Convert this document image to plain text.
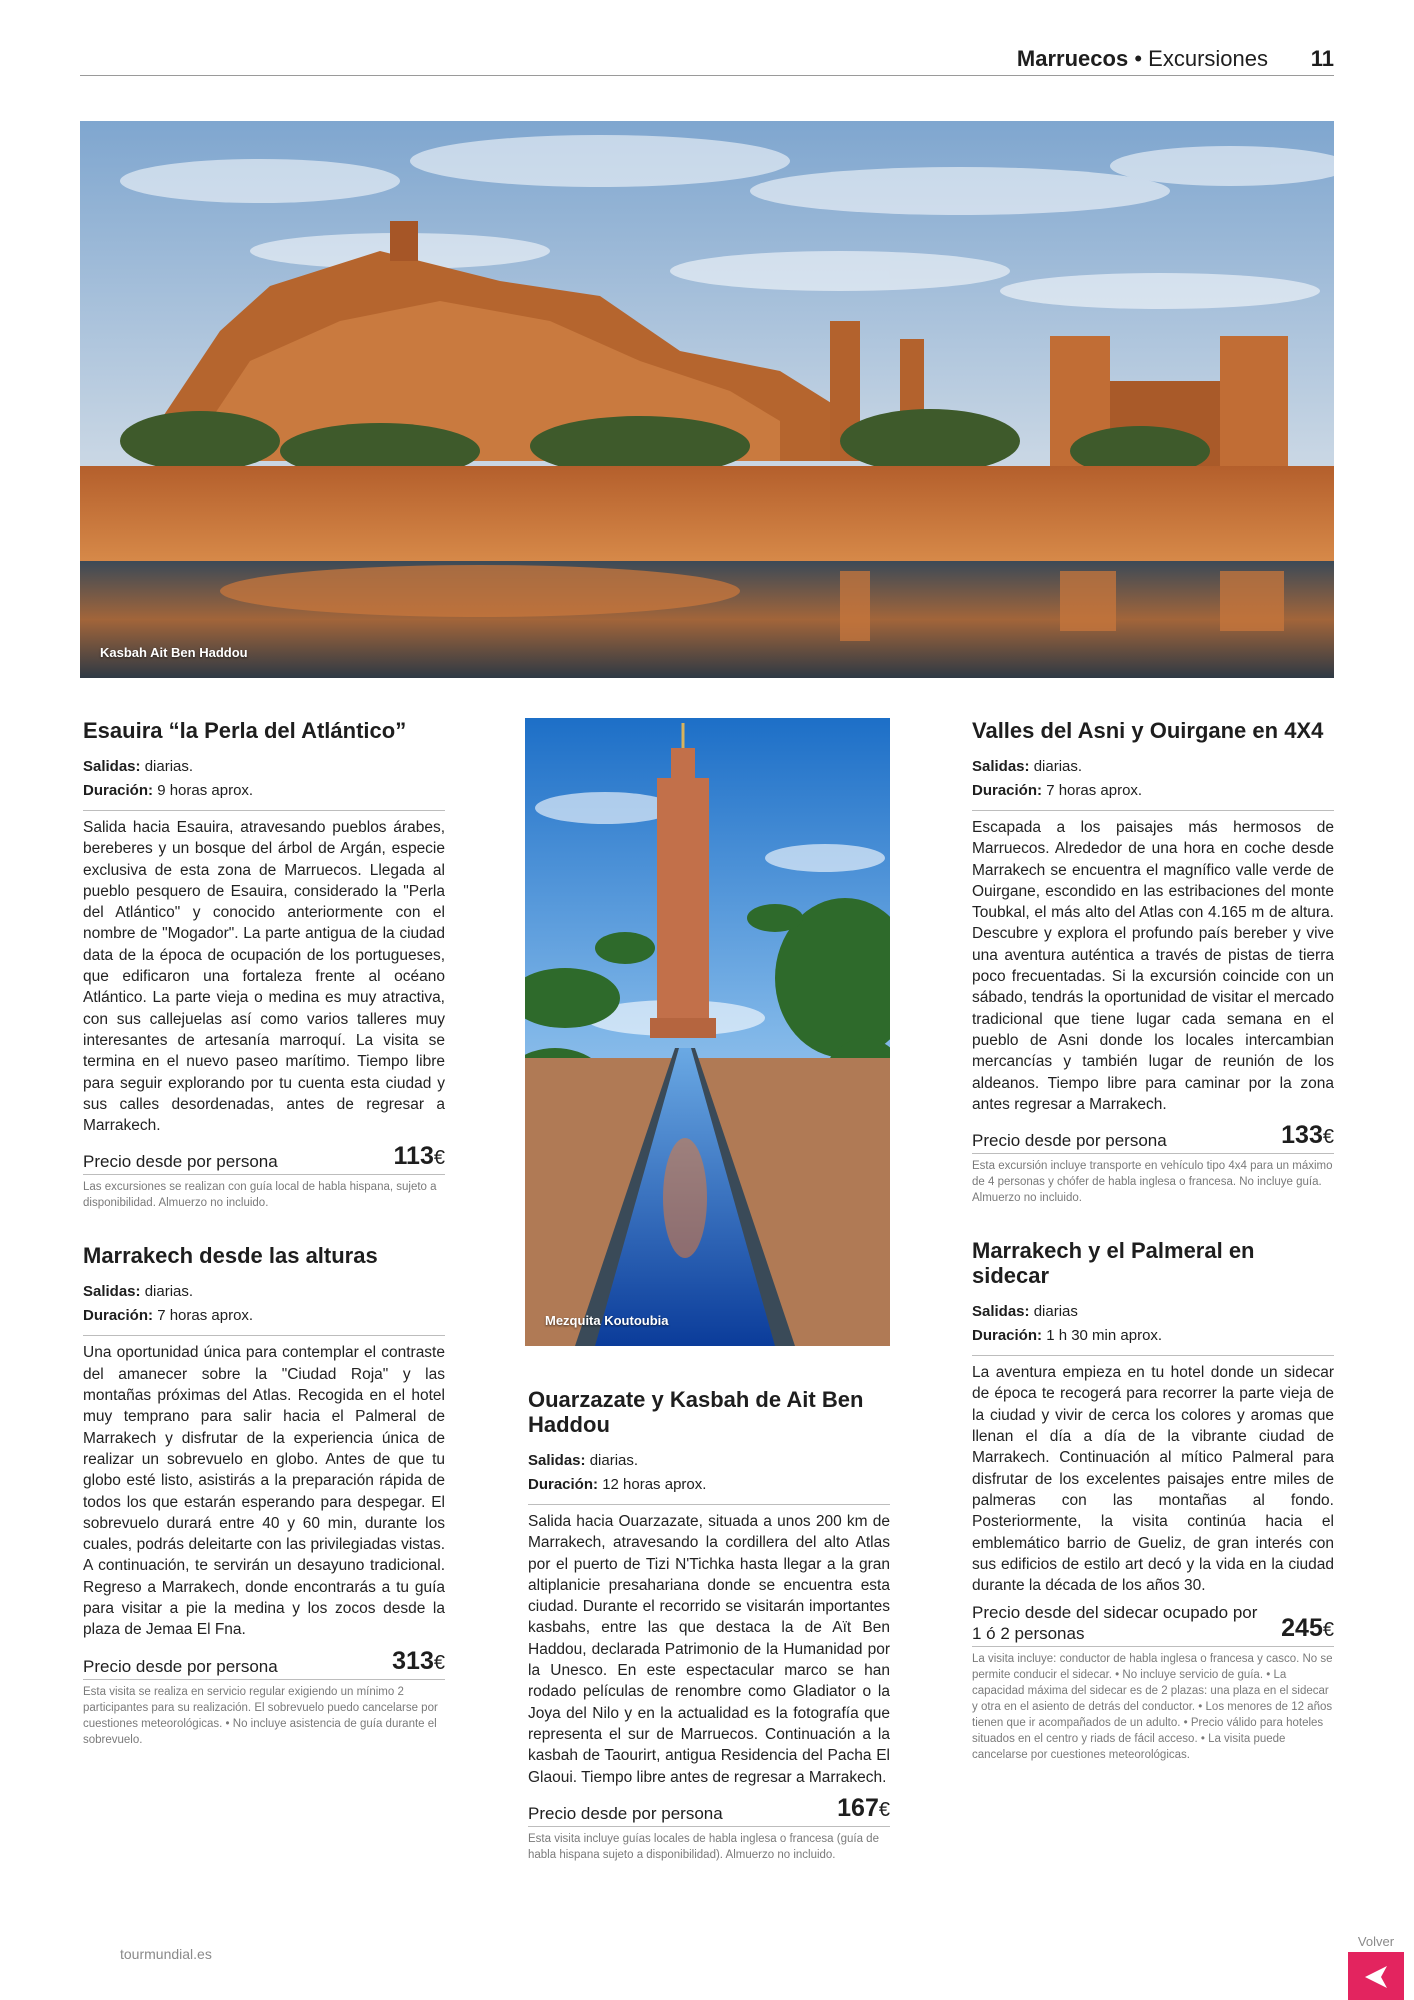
Marruecos • Excursiones 11
Kasbah Ait Ben Haddou
Mezquita Koutoubia
Esauira “la Perla del Atlántico”
Salidas: diarias.
Duración: 9 horas aprox.

Salida hacia Esauira, atravesando pueblos árabes, bereberes y un bosque del árbol de Argán, especie exclusiva de esta zona de Marruecos. Llegada al pueblo pesquero de Esauira, considerado la "Perla del Atlántico" y conocido anteriormente con el nombre de "Mogador". La parte antigua de la ciudad data de la época de ocupación de los portugueses, que edificaron una fortaleza frente al océano Atlántico. La parte vieja o medina es muy atractiva, con sus callejuelas así como varios talleres muy interesantes de artesanía marroquí. La visita se termina en el nuevo paseo marítimo. Tiempo libre para seguir explorando por tu cuenta esta ciudad y sus calles desordenadas, antes de regresar a Marrakech.

Precio desde por persona	113€

Las excursiones se realizan con guía local de habla hispana, sujeto a disponibilidad. Almuerzo no incluido.

Marrakech desde las alturas
Salidas: diarias.
Duración: 7 horas aprox.

Una oportunidad única para contemplar el contraste del amanecer sobre la "Ciudad Roja" y las montañas próximas del Atlas. Recogida en el hotel muy temprano para salir hacia el Palmeral de Marrakech y disfrutar de la experiencia única de realizar un sobrevuelo en globo. Antes de que tu globo esté listo, asistirás a la preparación rápida de todos los que estarán esperando para despegar. El sobrevuelo durará entre 40 y 60 min, durante los cuales, podrás deleitarte con las privilegiadas vistas. A continuación, te servirán un desayuno tradicional. Regreso a Marrakech, donde encontrarás a tu guía para visitar a pie la medina y los zocos desde la plaza de Jemaa El Fna.

Precio desde por persona	313€

Esta visita se realiza en servicio regular exigiendo un mínimo 2 participantes para su realización. El sobrevuelo puedo cancelarse por cuestiones meteorológicas. • No incluye asistencia de guía durante el sobrevuelo.

Ouarzazate y Kasbah de Ait Ben Haddou
Salidas: diarias.
Duración: 12 horas aprox.

Salida hacia Ouarzazate, situada a unos 200 km de Marrakech, atravesando la cordillera del alto Atlas por el puerto de Tizi N'Tichka hasta llegar a la gran altiplanicie presahariana donde se encuentra esta ciudad. Durante el recorrido se visitarán importantes kasbahs, entre las que destaca la de Aït Ben Haddou, declarada Patrimonio de la Humanidad por la Unesco. En este espectacular marco se han rodado películas de renombre como Gladiator o la Joya del Nilo y en la actualidad es la fotografía que representa el sur de Marruecos. Continuación a la kasbah de Taourirt, antigua Residencia del Pacha El Glaoui. Tiempo libre antes de regresar a Marrakech.

Precio desde por persona	167€

Esta visita incluye guías locales de habla inglesa o francesa (guía de habla hispana sujeto a disponibilidad). Almuerzo no incluido.

Valles del Asni y Ouirgane en 4X4
Salidas: diarias.
Duración: 7 horas aprox.

Escapada a los paisajes más hermosos de Marruecos. Alrededor de una hora en coche desde Marrakech se encuentra el magnífico valle verde de Ouirgane, escondido en las estribaciones del monte Toubkal, el más alto del Atlas con 4.165 m de altura. Descubre y explora el profundo país bereber y vive una aventura auténtica a través de pistas de tierra poco frecuentadas. Si la excursión coincide con un sábado, tendrás la oportunidad de visitar el mercado tradicional que tiene lugar cada semana en el pueblo de Asni donde los locales intercambian mercancías y también lugar de reunión de los aldeanos. Tiempo libre para caminar por la zona antes regresar a Marrakech.

Precio desde por persona	133€

Esta excursión incluye transporte en vehículo tipo 4x4 para un máximo de 4 personas y chófer de habla inglesa o francesa. No incluye guía. Almuerzo no incluido.

Marrakech y el Palmeral en sidecar
Salidas: diarias
Duración: 1 h 30 min aprox.

La aventura empieza en tu hotel donde un sidecar de época te recogerá para recorrer la parte vieja de la ciudad y vivir de cerca los colores y aromas que llenan el día a día de la vibrante ciudad de Marrakech. Continuación al mítico Palmeral para disfrutar de los excelentes paisajes entre miles de palmeras con las montañas al fondo. Posteriormente, la visita continúa hacia el emblemático barrio de Gueliz, de gran interés con sus edificios de estilo art decó y la vida en la ciudad durante la década de los años 30.

Precio desde del sidecar ocupado por 1 ó 2 personas	245€

La visita incluye: conductor de habla inglesa o francesa y casco. No se permite conducir el sidecar. • No incluye servicio de guía. • La capacidad máxima del sidecar es de 2 plazas: una plaza en el sidecar y otra en el asiento de detrás del conductor. • Los menores de 12 años tienen que ir acompañados de un adulto. • Precio válido para hoteles situados en el centro y riads de fácil acceso. • La visita puede cancelarse por cuestiones meteorológicas.

tourmundial.es
Volver
